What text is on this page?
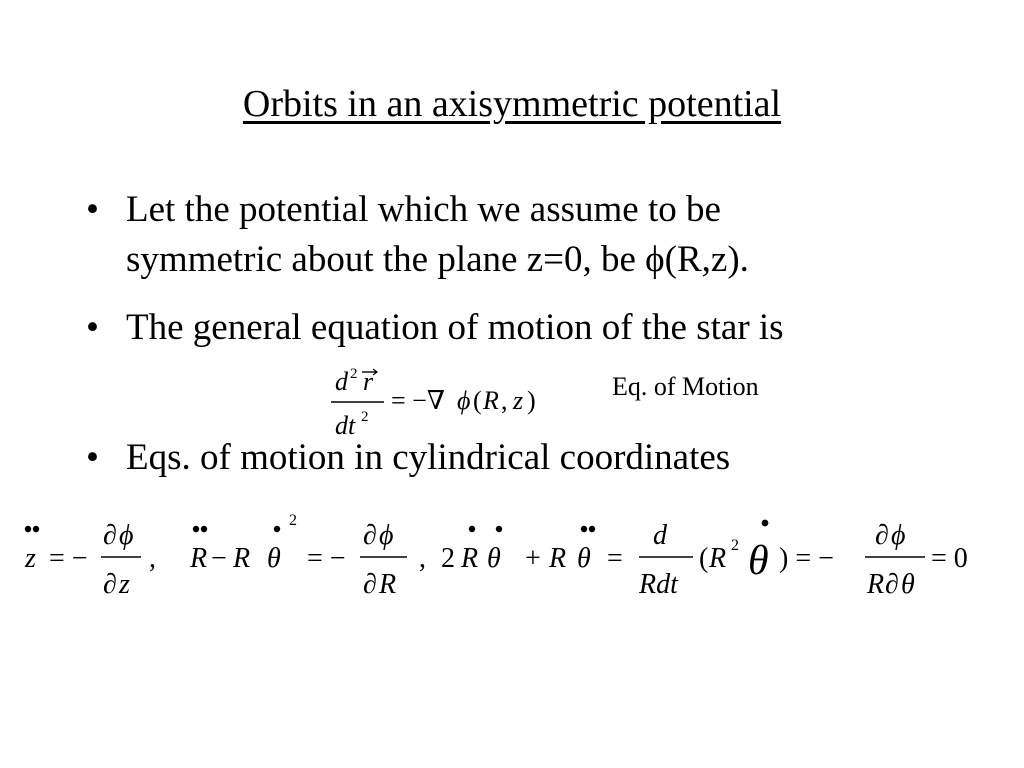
Orbits in an axisymmetric potential
• Let the potential which we assume to be
symmetric about the plane z=0, be ϕ(R,z).
• The general equation of motion of the star is
d 2 r
dt 2
= −∇ ϕ ( R , z )	Eq. of Motion
• Eqs. of motion in cylindrical coordinates
z = −
∂ ϕ
∂ z
, R − R θ
2
= −
∂ ϕ
∂ R
, 2 R θ + R θ =
d
Rdt
( R 2 θ ) = −
∂ ϕ
R ∂ θ
= 0
